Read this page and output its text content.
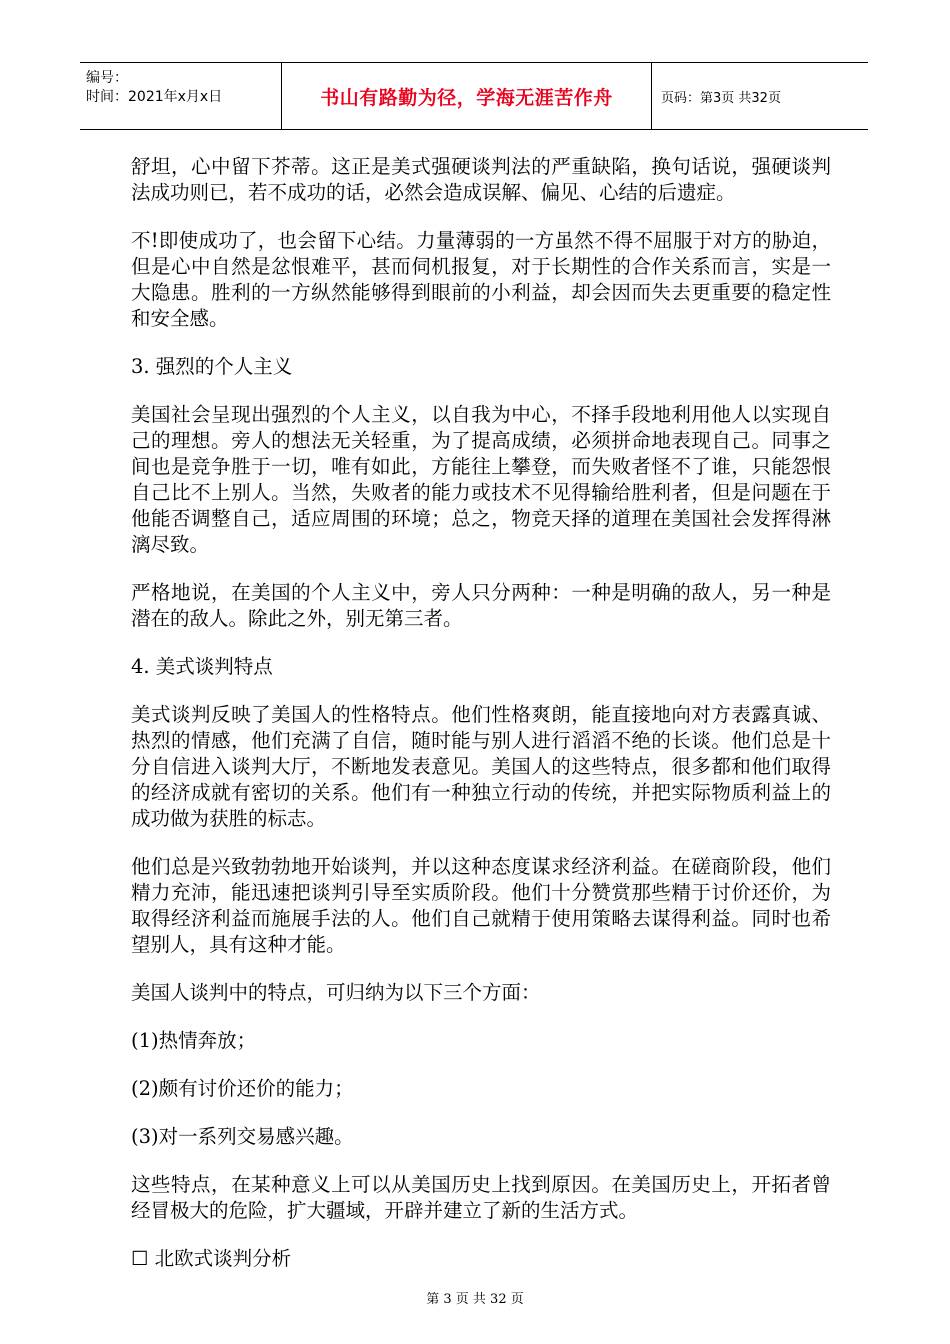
编号：
时间：2021年x月x日	书山有路勤为径，学海无涯苦作舟	页码：第3页 共32页

舒坦，心中留下芥蒂。这正是美式强硬谈判法的严重缺陷，换句话说，强硬谈判法成功则已，若不成功的话，必然会造成误解、偏见、心结的后遗症。

不!即使成功了，也会留下心结。力量薄弱的一方虽然不得不屈服于对方的胁迫，但是心中自然是忿恨难平，甚而伺机报复，对于长期性的合作关系而言，实是一大隐患。胜利的一方纵然能够得到眼前的小利益，却会因而失去更重要的稳定性和安全感。

3. 强烈的个人主义

美国社会呈现出强烈的个人主义，以自我为中心，不择手段地利用他人以实现自己的理想。旁人的想法无关轻重，为了提高成绩，必须拼命地表现自己。同事之间也是竞争胜于一切，唯有如此，方能往上攀登，而失败者怪不了谁，只能怨恨自己比不上别人。当然，失败者的能力或技术不见得输给胜利者，但是问题在于他能否调整自己，适应周围的环境；总之，物竞天择的道理在美国社会发挥得淋漓尽致。

严格地说，在美国的个人主义中，旁人只分两种：一种是明确的敌人，另一种是潜在的敌人。除此之外，别无第三者。

4. 美式谈判特点

美式谈判反映了美国人的性格特点。他们性格爽朗，能直接地向对方表露真诚、热烈的情感，他们充满了自信，随时能与别人进行滔滔不绝的长谈。他们总是十分自信进入谈判大厅，不断地发表意见。美国人的这些特点，很多都和他们取得的经济成就有密切的关系。他们有一种独立行动的传统，并把实际物质利益上的成功做为获胜的标志。

他们总是兴致勃勃地开始谈判，并以这种态度谋求经济利益。在磋商阶段，他们精力充沛，能迅速把谈判引导至实质阶段。他们十分赞赏那些精于讨价还价，为取得经济利益而施展手法的人。他们自己就精于使用策略去谋得利益。同时也希望别人，具有这种才能。

美国人谈判中的特点，可归纳为以下三个方面：

(1)热情奔放；

(2)颇有讨价还价的能力；

(3)对一系列交易感兴趣。

这些特点，在某种意义上可以从美国历史上找到原因。在美国历史上，开拓者曾经冒极大的危险，扩大疆域，开辟并建立了新的生活方式。

☐ 北欧式谈判分析

第 3 页 共 32 页
